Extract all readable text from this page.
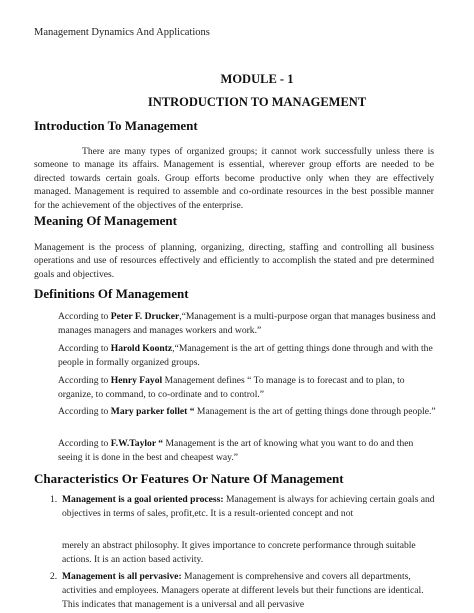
Management Dynamics And Applications
MODULE - 1
INTRODUCTION TO MANAGEMENT
Introduction To Management
There are many types of organized groups; it cannot work successfully unless there is someone to manage its affairs. Management is essential, wherever group efforts are needed to be directed towards certain goals. Group efforts become productive only when they are effectively managed. Management is required to assemble and co-ordinate resources in the best possible manner for the achievement of the objectives of the enterprise.
Meaning Of Management
Management is the process of planning, organizing, directing, staffing and controlling all business operations and use of resources effectively and efficiently to accomplish the stated and pre determined goals and objectives.
Definitions Of Management
According to Peter F. Drucker,“Management is a multi-purpose organ that manages business and manages managers and manages workers and work.”
According to Harold Koontz,“Management is the art of getting things done through and with the people in formally organized groups.
According to Henry Fayol Management defines “ To manage is to forecast and to plan, to organize, to command, to co-ordinate and to control.”
According to Mary parker follet “ Management is the art of getting things done through people.”
According to F.W.Taylor “ Management is the art of knowing what you want to do and then seeing it is done in the best and cheapest way.”
Characteristics Or Features Or Nature Of Management
1. Management is a goal oriented process: Management is always for achieving certain goals and objectives in terms of sales, profit,etc. It is a result-oriented concept and not
merely an abstract philosophy. It gives importance to concrete performance through suitable actions. It is an action based activity.
2. Management is all pervasive: Management is comprehensive and covers all departments, activities and employees. Managers operate at different levels but their functions are identical. This indicates that management is a universal and all pervasive
